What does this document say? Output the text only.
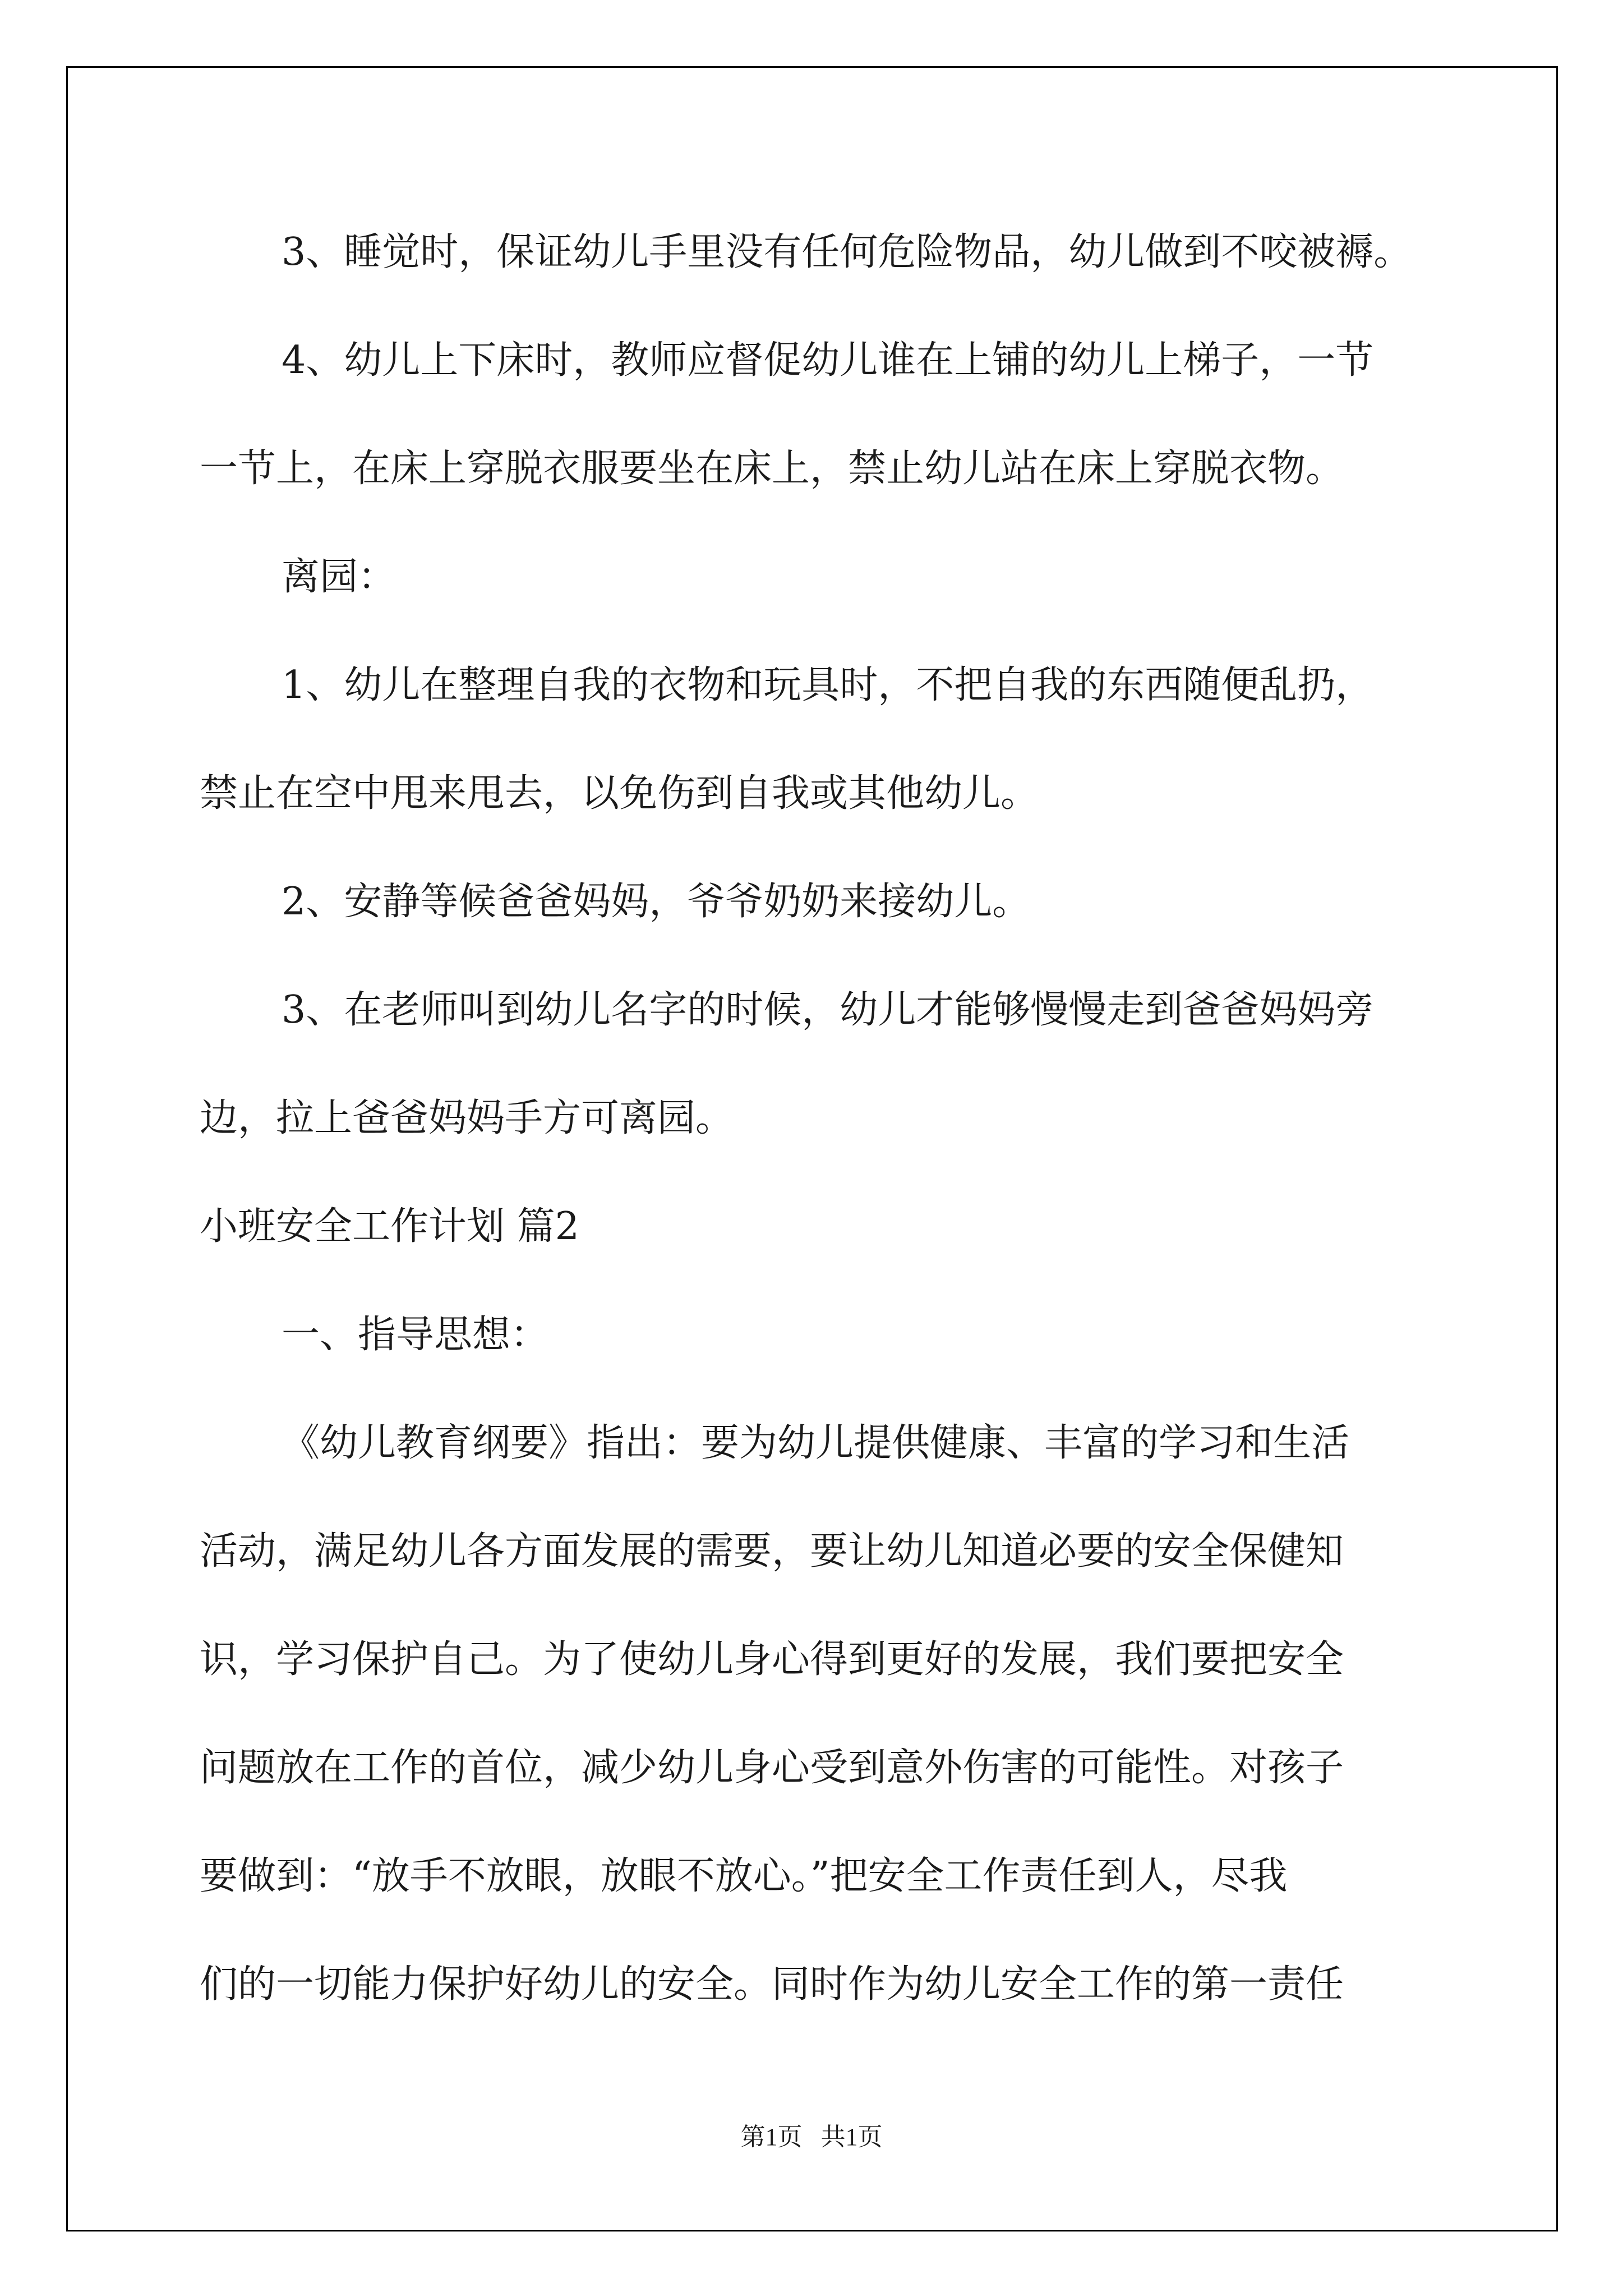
3、睡觉时，保证幼儿手里没有任何危险物品，幼儿做到不咬被褥。

4、幼儿上下床时，教师应督促幼儿谁在上铺的幼儿上梯子，一节

一节上，在床上穿脱衣服要坐在床上，禁止幼儿站在床上穿脱衣物。

离园：

1、幼儿在整理自我的衣物和玩具时，不把自我的东西随便乱扔，

禁止在空中甩来甩去，以免伤到自我或其他幼儿。

2、安静等候爸爸妈妈，爷爷奶奶来接幼儿。

3、在老师叫到幼儿名字的时候，幼儿才能够慢慢走到爸爸妈妈旁

边，拉上爸爸妈妈手方可离园。

小班安全工作计划 篇2

一、指导思想：

《幼儿教育纲要》指出：要为幼儿提供健康、丰富的学习和生活

活动，满足幼儿各方面发展的需要，要让幼儿知道必要的安全保健知

识，学习保护自己。为了使幼儿身心得到更好的发展，我们要把安全

问题放在工作的首位，减少幼儿身心受到意外伤害的可能性。对孩子

要做到：“放手不放眼，放眼不放心。”把安全工作责任到人，尽我

们的一切能力保护好幼儿的安全。同时作为幼儿安全工作的第一责任

第1页   共1页
